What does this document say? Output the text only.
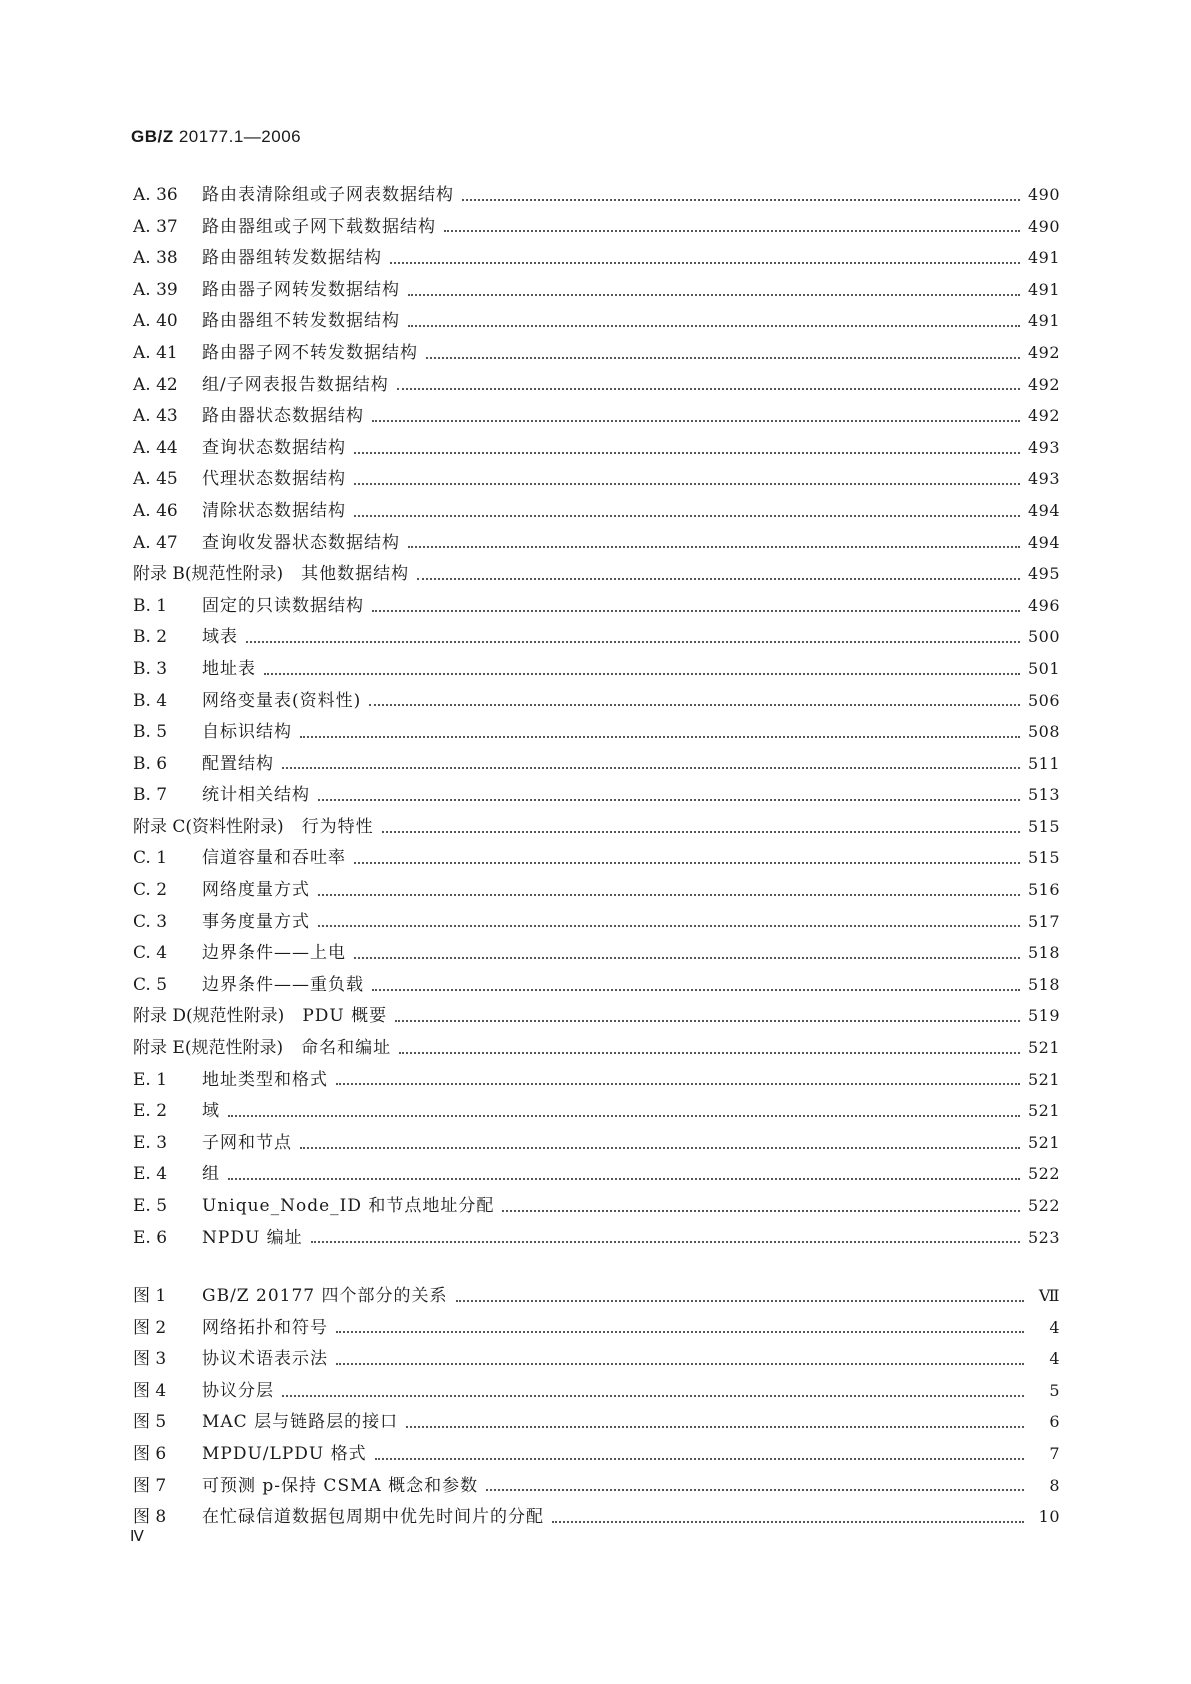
GB/Z 20177.1—2006
A. 36	路由表清除组或子网表数据结构	490
A. 37	路由器组或子网下载数据结构	490
A. 38	路由器组转发数据结构	491
A. 39	路由器子网转发数据结构	491
A. 40	路由器组不转发数据结构	491
A. 41	路由器子网不转发数据结构	492
A. 42	组/子网表报告数据结构	492
A. 43	路由器状态数据结构	492
A. 44	查询状态数据结构	493
A. 45	代理状态数据结构	493
A. 46	清除状态数据结构	494
A. 47	查询收发器状态数据结构	494
附录 B(规范性附录) 其他数据结构	495
B. 1	固定的只读数据结构	496
B. 2	域表	500
B. 3	地址表	501
B. 4	网络变量表(资料性)	506
B. 5	自标识结构	508
B. 6	配置结构	511
B. 7	统计相关结构	513
附录 C(资料性附录) 行为特性	515
C. 1	信道容量和吞吐率	515
C. 2	网络度量方式	516
C. 3	事务度量方式	517
C. 4	边界条件——上电	518
C. 5	边界条件——重负载	518
附录 D(规范性附录) PDU 概要	519
附录 E(规范性附录) 命名和编址	521
E. 1	地址类型和格式	521
E. 2	域	521
E. 3	子网和节点	521
E. 4	组	522
E. 5	Unique_Node_ID 和节点地址分配	522
E. 6	NPDU 编址	523
图 1	GB/Z 20177 四个部分的关系	Ⅶ
图 2	网络拓扑和符号	4
图 3	协议术语表示法	4
图 4	协议分层	5
图 5	MAC 层与链路层的接口	6
图 6	MPDU/LPDU 格式	7
图 7	可预测 p-保持 CSMA 概念和参数	8
图 8	在忙碌信道数据包周期中优先时间片的分配	10
Ⅳ
